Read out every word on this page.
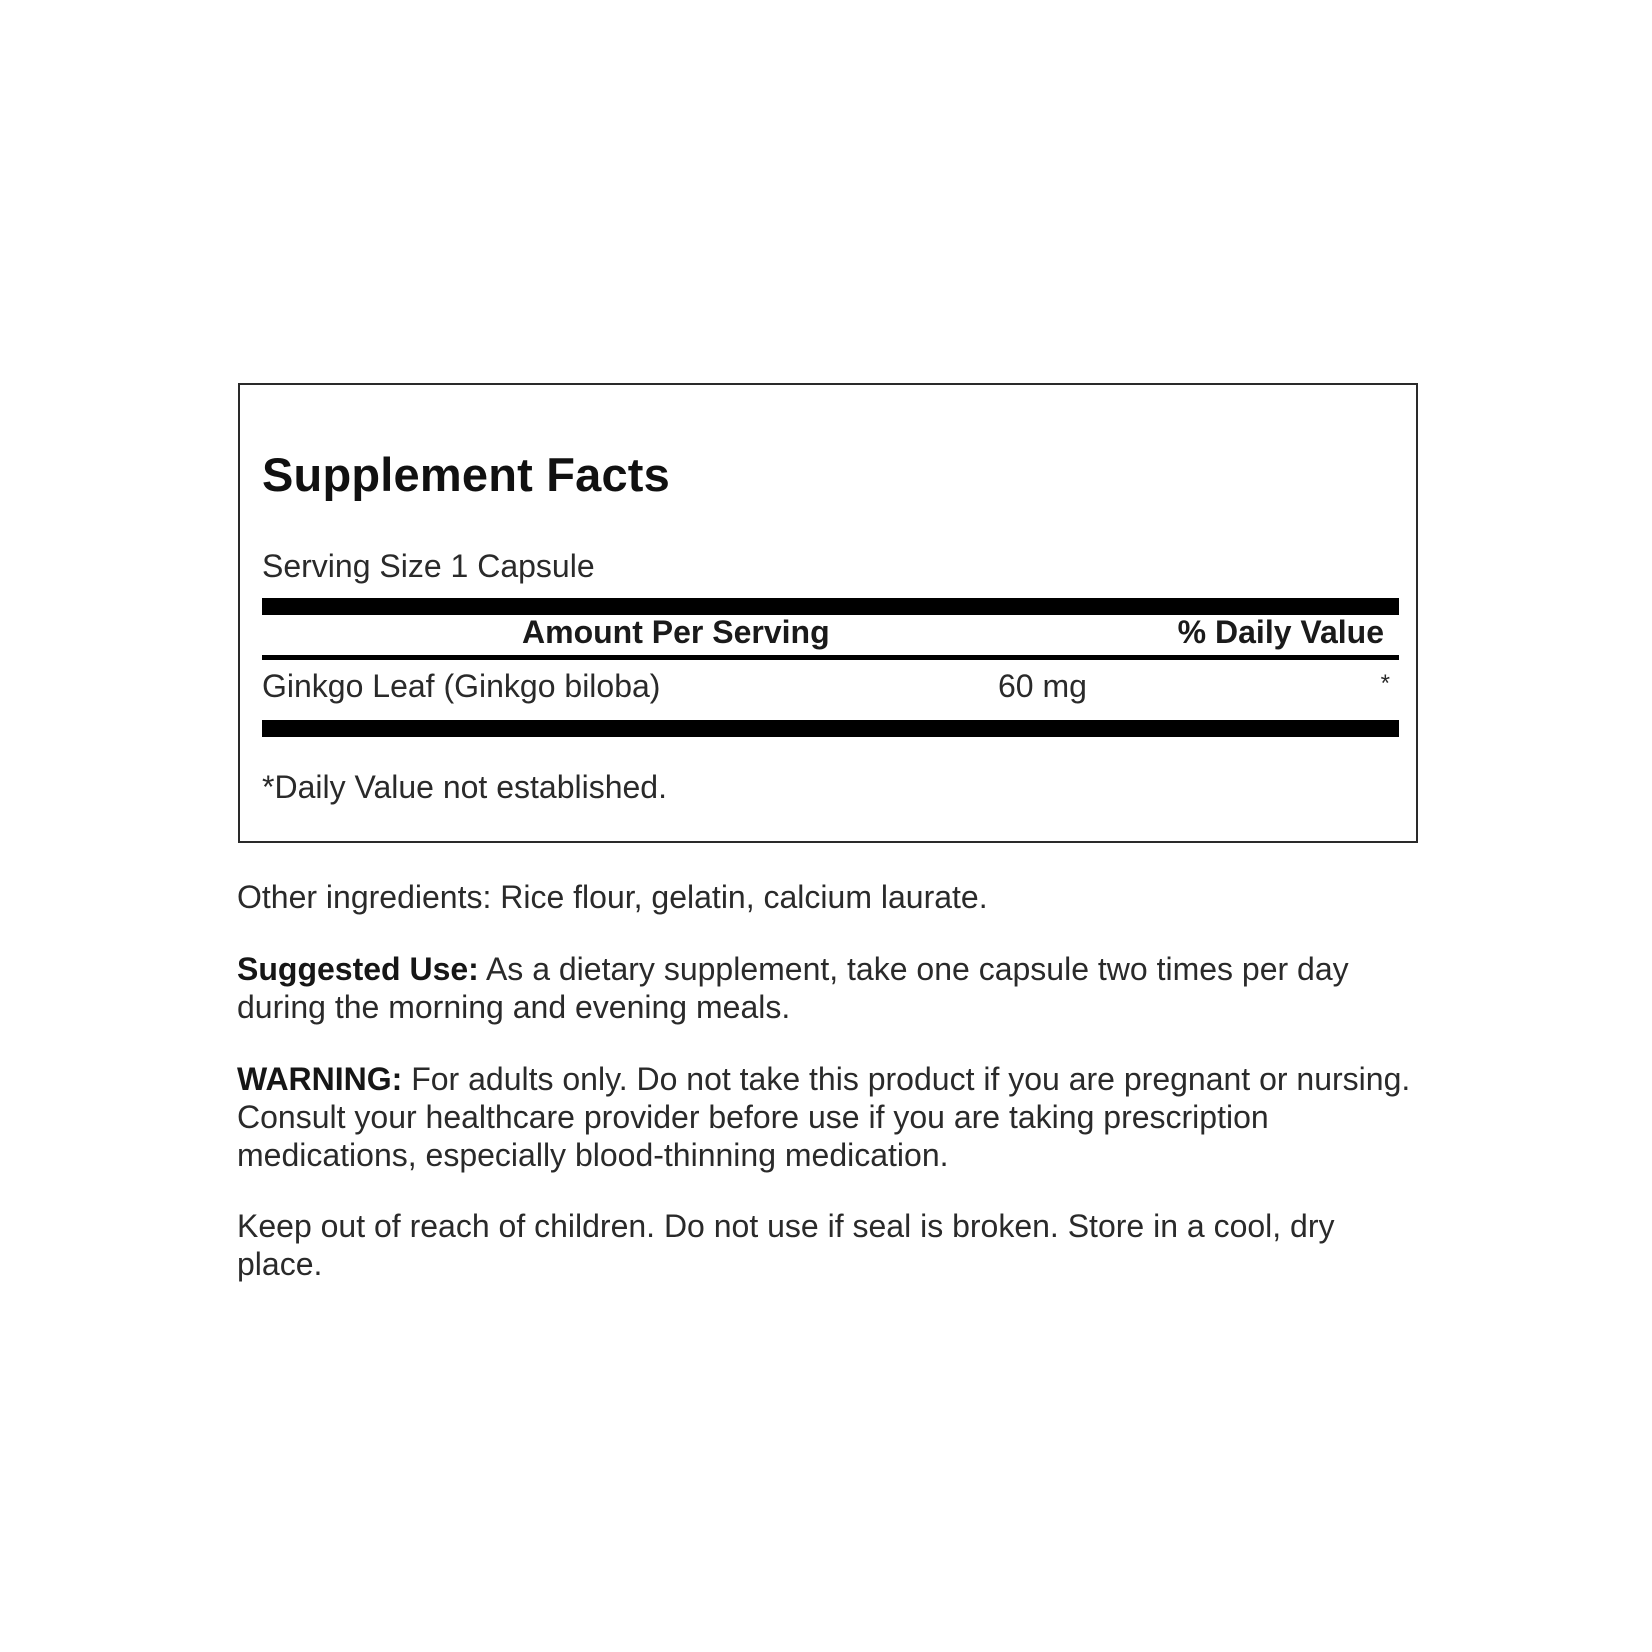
Supplement Facts
Serving Size 1 Capsule
Amount Per Serving	% Daily Value
Ginkgo Leaf (Ginkgo biloba)	60 mg	*
*Daily Value not established.
Other ingredients: Rice flour, gelatin, calcium laurate.
Suggested Use: As a dietary supplement, take one capsule two times per day during the morning and evening meals.
WARNING: For adults only. Do not take this product if you are pregnant or nursing. Consult your healthcare provider before use if you are taking prescription medications, especially blood-thinning medication.
Keep out of reach of children. Do not use if seal is broken. Store in a cool, dry place.
